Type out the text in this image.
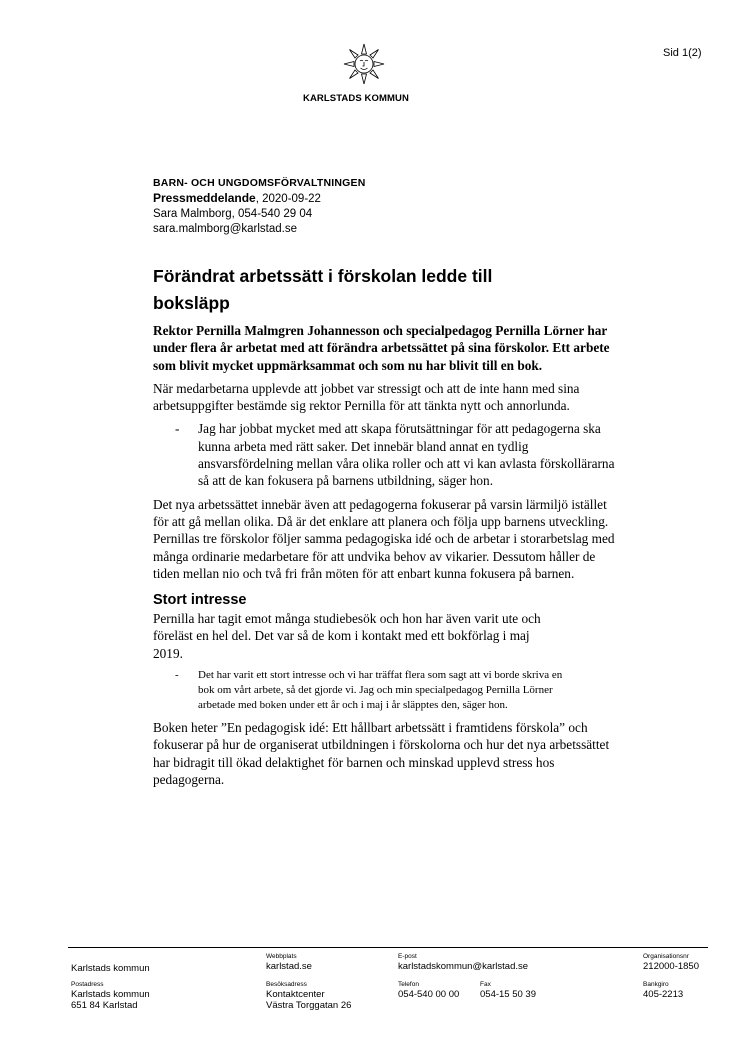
Sid 1(2)
KARLSTADS KOMMUN
BARN- OCH UNGDOMSFÖRVALTNINGEN
Pressmeddelande, 2020-09-22
Sara Malmborg, 054-540 29 04
sara.malmborg@karlstad.se
Förändrat arbetssätt i förskolan ledde till
boksläpp

Rektor Pernilla Malmgren Johannesson och specialpedagog Pernilla Lörner har under flera år arbetat med att förändra arbetssättet på sina förskolor. Ett arbete som blivit mycket uppmärksammat och som nu har blivit till en bok.

När medarbetarna upplevde att jobbet var stressigt och att de inte hann med sina arbetsuppgifter bestämde sig rektor Pernilla för att tänkta nytt och annorlunda.

- Jag har jobbat mycket med att skapa förutsättningar för att pedagogerna ska kunna arbeta med rätt saker. Det innebär bland annat en tydlig ansvarsfördelning mellan våra olika roller och att vi kan avlasta förskollärarna så att de kan fokusera på barnens utbildning, säger hon.

Det nya arbetssättet innebär även att pedagogerna fokuserar på varsin lärmiljö istället för att gå mellan olika. Då är det enklare att planera och följa upp barnens utveckling. Pernillas tre förskolor följer samma pedagogiska idé och de arbetar i storarbetslag med många ordinarie medarbetare för att undvika behov av vikarier. Dessutom håller de tiden mellan nio och två fri från möten för att enbart kunna fokusera på barnen.

Stort intresse

Pernilla har tagit emot många studiebesök och hon har även varit ute och föreläst en hel del. Det var så de kom i kontakt med ett bokförlag i maj 2019.

- Det har varit ett stort intresse och vi har träffat flera som sagt att vi borde skriva en bok om vårt arbete, så det gjorde vi. Jag och min specialpedagog Pernilla Lörner arbetade med boken under ett år och i maj i år släpptes den, säger hon.

Boken heter ”En pedagogisk idé: Ett hållbart arbetssätt i framtidens förskola” och fokuserar på hur de organiserat utbildningen i förskolorna och hur det nya arbetssättet har bidragit till ökad delaktighet för barnen och minskad upplevd stress hos pedagogerna.

Karlstads kommun
Webbplats
karlstad.se
E-post
karlstadskommun@karlstad.se
Organisationsnr
212000-1850
Postadress
Karlstads kommun
651 84 Karlstad
Besöksadress
Kontaktcenter
Västra Torggatan 26
Telefon
054-540 00 00
Fax
054-15 50 39
Bankgiro
405-2213
